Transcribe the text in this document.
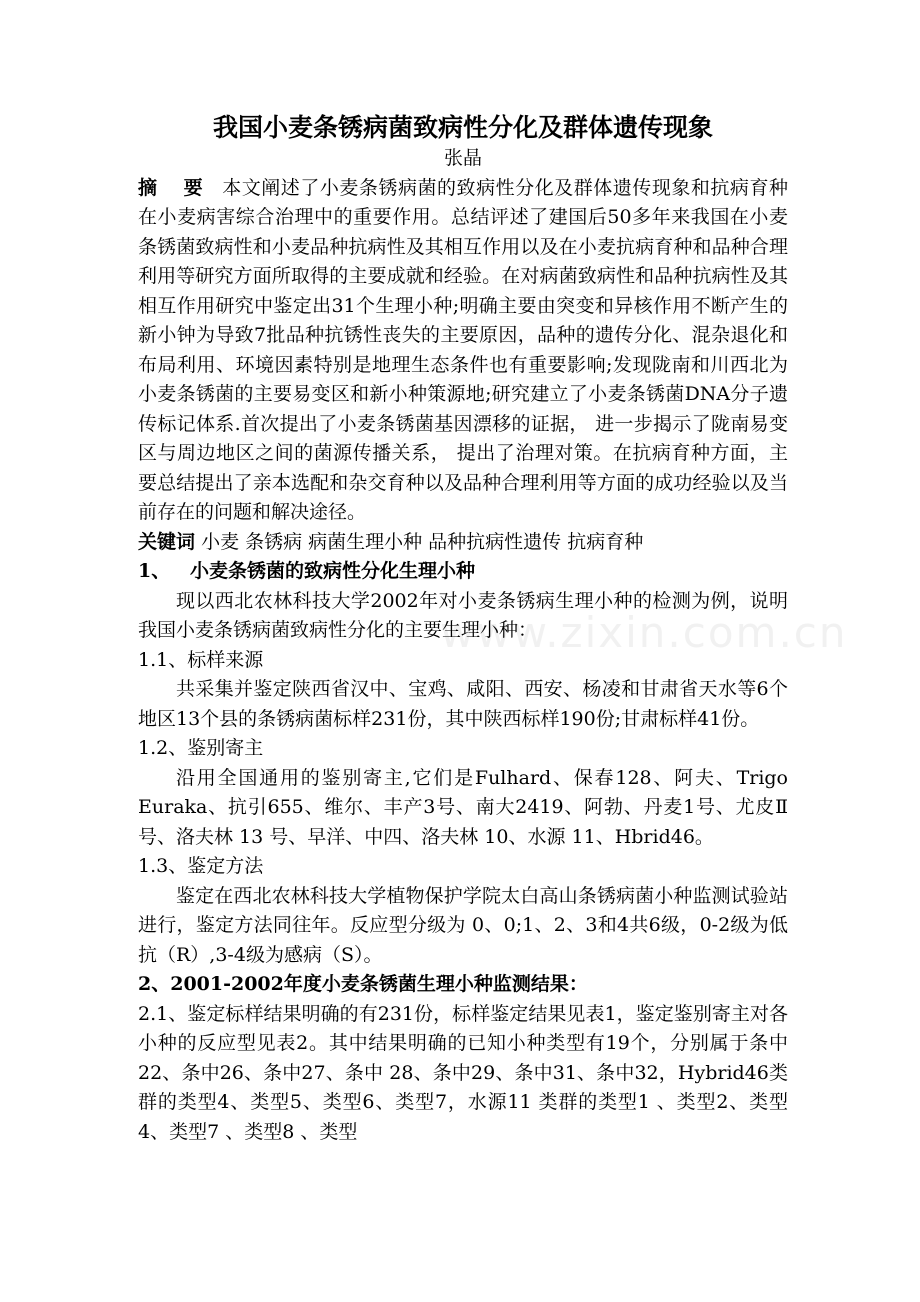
www.zixin.com.cn

我国小麦条锈病菌致病性分化及群体遗传现象

张晶

摘 要 本文阐述了小麦条锈病菌的致病性分化及群体遗传现象和抗病育种在小麦病害综合治理中的重要作用。总结评述了建国后50多年来我国在小麦条锈菌致病性和小麦品种抗病性及其相互作用以及在小麦抗病育种和品种合理利用等研究方面所取得的主要成就和经验。在对病菌致病性和品种抗病性及其相互作用研究中鉴定出31个生理小种;明确主要由突变和异核作用不断产生的新小钟为导致7批品种抗锈性丧失的主要原因，品种的遗传分化、混杂退化和布局利用、环境因素特别是地理生态条件也有重要影响;发现陇南和川西北为小麦条锈菌的主要易变区和新小种策源地;研究建立了小麦条锈菌DNA分子遗传标记体系.首次提出了小麦条锈菌基因漂移的证据， 进一步揭示了陇南易变区与周边地区之间的菌源传播关系， 提出了治理对策。在抗病育种方面，主要总结提出了亲本选配和杂交育种以及品种合理利用等方面的成功经验以及当前存在的问题和解决途径。

关键词 小麦 条锈病 病菌生理小种 品种抗病性遗传 抗病育种

1、 小麦条锈菌的致病性分化生理小种

现以西北农林科技大学2002年对小麦条锈病生理小种的检测为例，说明我国小麦条锈病菌致病性分化的主要生理小种：

1.1、标样来源

共采集并鉴定陕西省汉中、宝鸡、咸阳、西安、杨凌和甘肃省天水等6个地区13个县的条锈病菌标样231份，其中陕西标样190份;甘肃标样41份。

1.2、鉴别寄主

沿用全国通用的鉴别寄主,它们是Fulhard、保春128、阿夫、Trigo Euraka、抗引655、维尔、丰产3号、南大2419、阿勃、丹麦1号、尤皮Ⅱ号、洛夫林 13 号、早洋、中四、洛夫林 10、水源 11、Hbrid46。

1.3、鉴定方法

鉴定在西北农林科技大学植物保护学院太白高山条锈病菌小种监测试验站进行，鉴定方法同往年。反应型分级为 0、0;1、2、3和4共6级，0-2级为低抗（R）,3-4级为感病（S）。

2、2001-2002年度小麦条锈菌生理小种监测结果：

2.1、鉴定标样结果明确的有231份，标样鉴定结果见表1，鉴定鉴别寄主对各小种的反应型见表2。其中结果明确的已知小种类型有19个，分别属于条中22、条中26、条中27、条中 28、条中29、条中31、条中32，Hybrid46类群的类型4、类型5、类型6、类型7，水源11 类群的类型1 、类型2、类型 4、类型7 、类型8 、类型
